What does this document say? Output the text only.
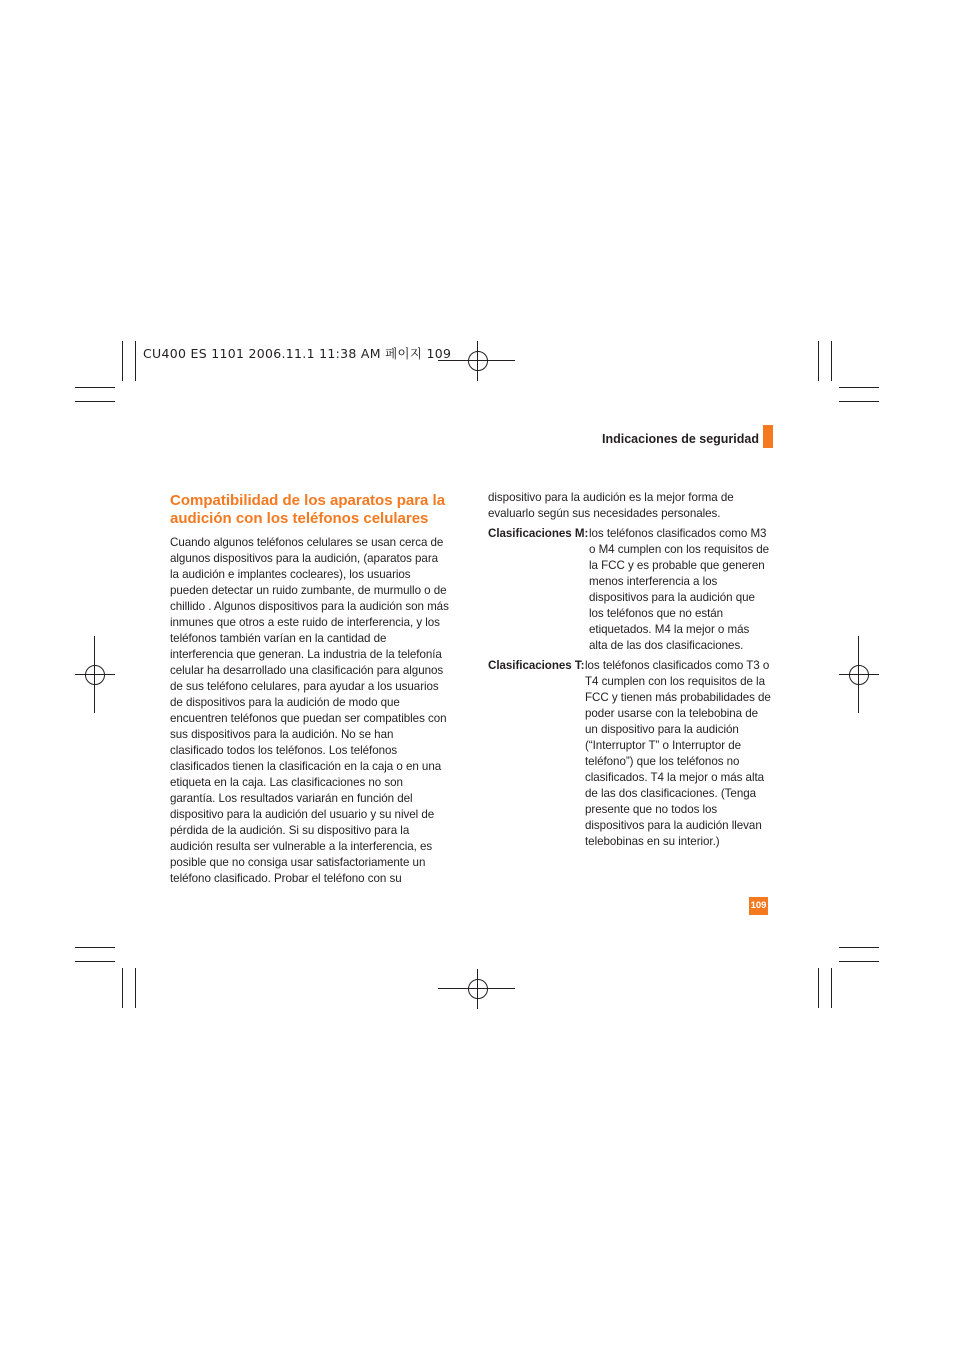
CU400 ES 1101 2006.11.1 11:38 AM 페이지 109
Indicaciones de seguridad
Compatibilidad de los aparatos para la
audición con los teléfonos celulares
Cuando algunos teléfonos celulares se usan cerca de
algunos dispositivos para la audición, (aparatos para
la audición e implantes cocleares), los usuarios
pueden detectar un ruido zumbante, de murmullo o de
chillido . Algunos dispositivos para la audición son más
inmunes que otros a este ruido de interferencia, y los
teléfonos también varían en la cantidad de
interferencia que generan. La industria de la telefonía
celular ha desarrollado una clasificación para algunos
de sus teléfono celulares, para ayudar a los usuarios
de dispositivos para la audición de modo que
encuentren teléfonos que puedan ser compatibles con
sus dispositivos para la audición. No se han
clasificado todos los teléfonos. Los teléfonos
clasificados tienen la clasificación en la caja o en una
etiqueta en la caja. Las clasificaciones no son
garantía. Los resultados variarán en función del
dispositivo para la audición del usuario y su nivel de
pérdida de la audición. Si su dispositivo para la
audición resulta ser vulnerable a la interferencia, es
posible que no consiga usar satisfactoriamente un
teléfono clasificado. Probar el teléfono con su
dispositivo para la audición es la mejor forma de
evaluarlo según sus necesidades personales.
Clasificaciones M: los teléfonos clasificados como M3
o M4 cumplen con los requisitos de
la FCC y es probable que generen
menos interferencia a los
dispositivos para la audición que
los teléfonos que no están
etiquetados. M4 la mejor o más
alta de las dos clasificaciones.
Clasificaciones T: los teléfonos clasificados como T3 o
T4 cumplen con los requisitos de la
FCC y tienen más probabilidades de
poder usarse con la telebobina de
un dispositivo para la audición
(“Interruptor T” o Interruptor de
teléfono”) que los teléfonos no
clasificados. T4 la mejor o más alta
de las dos clasificaciones. (Tenga
presente que no todos los
dispositivos para la audición llevan
telebobinas en su interior.)
109
